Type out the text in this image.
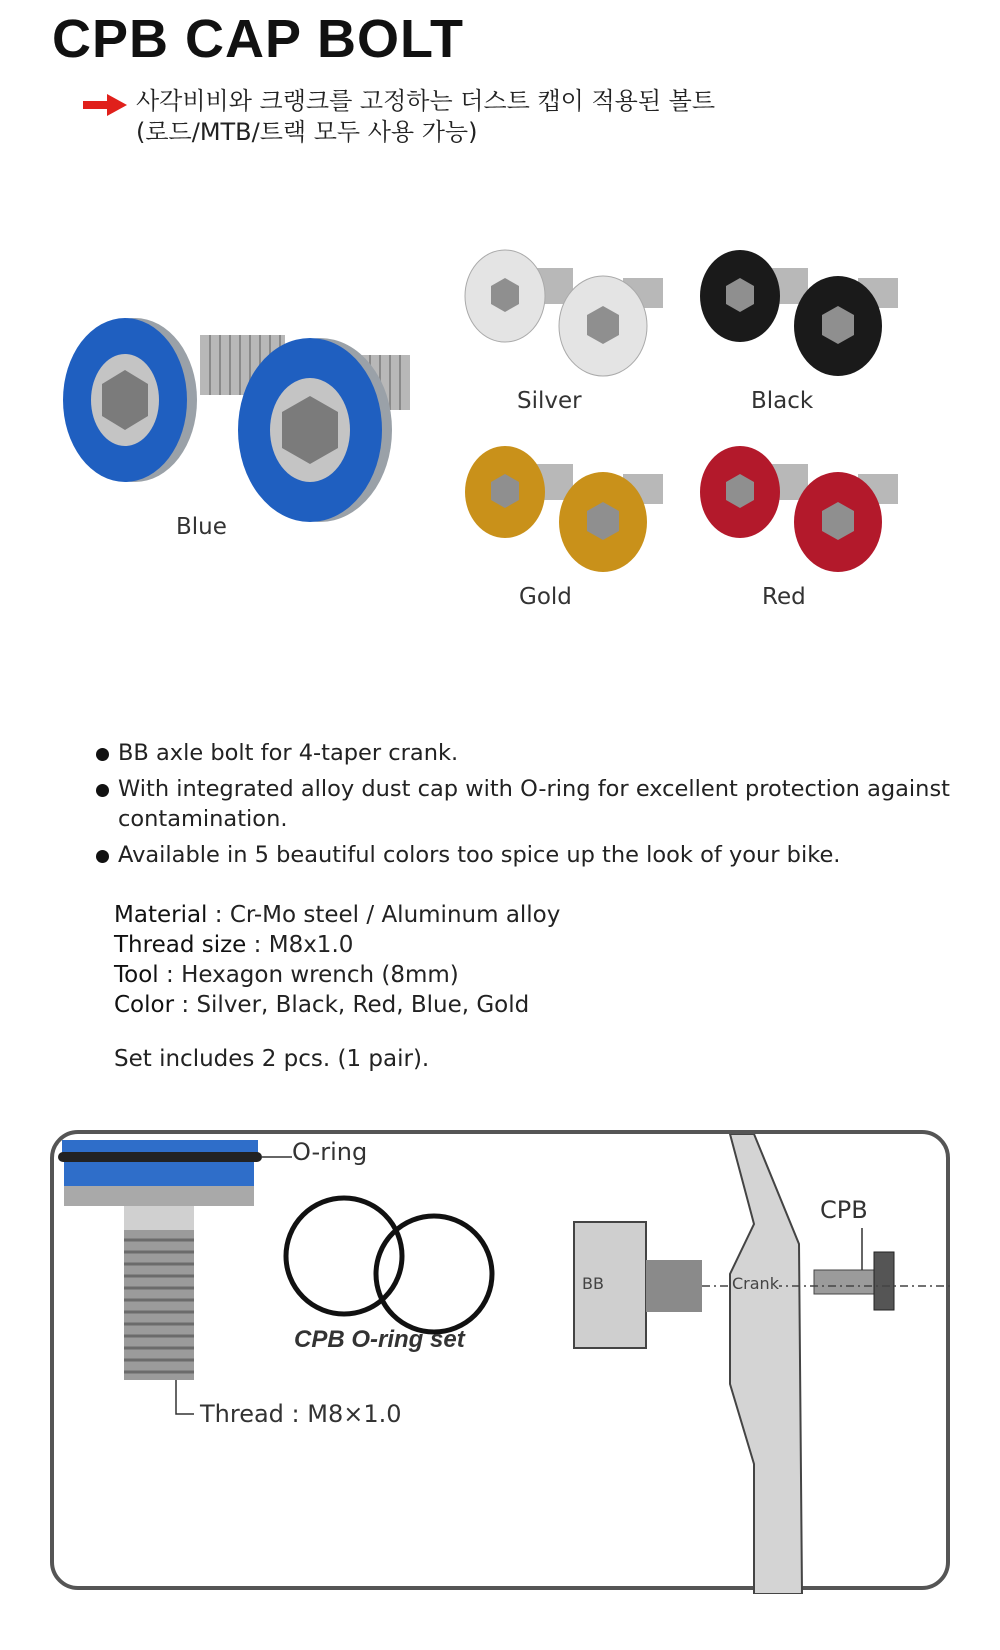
CPB CAP BOLT
사각비비와 크랭크를 고정하는 더스트 캡이 적용된 볼트
(로드/MTB/트랙 모두 사용 가능)
Blue
Silver	Black
Gold	Red
BB axle bolt for 4-taper crank.
With integrated alloy dust cap with O-ring for excellent protection against contamination.
Available in 5 beautiful colors too spice up the look of your bike.
Material : Cr-Mo steel / Aluminum alloy
Thread size : M8x1.0
Tool : Hexagon wrench (8mm)
Color : Silver, Black, Red, Blue, Gold
Set includes 2 pcs. (1 pair).
O-ring
Thread : M8×1.0
CPB O-ring set
BB	Crank
CPB
